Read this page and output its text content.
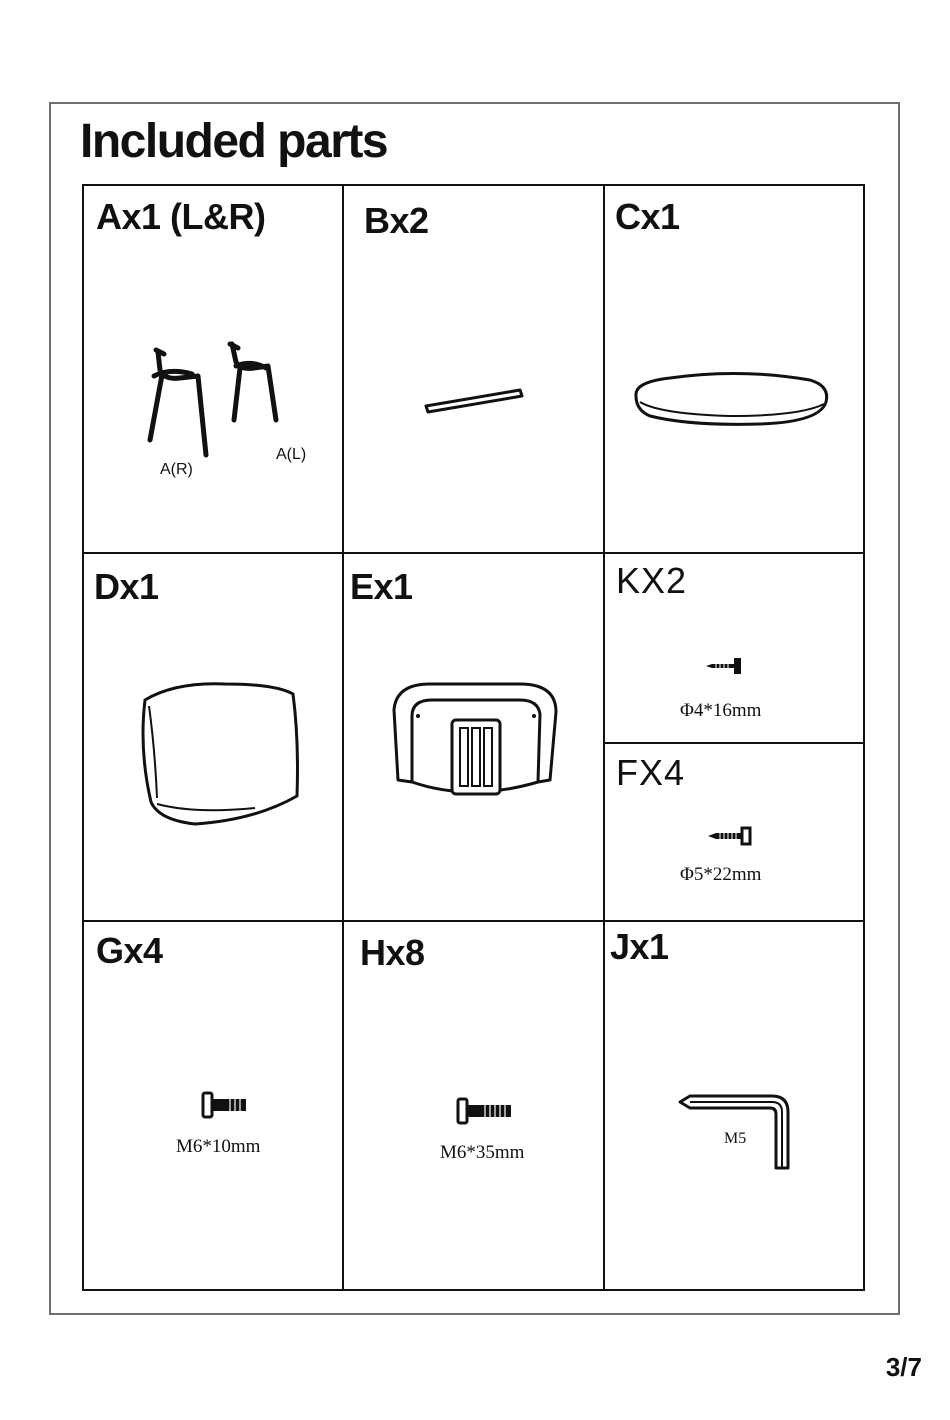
Included parts
Ax1 (L&R)
A(R)
A(L)
Bx2	Cx1
Dx1	Ex1	KX2
Φ4*16mm
FX4
Φ5*22mm
Gx4
M6*10mm
Hx8
M6*35mm
Jx1
M5
3/7
